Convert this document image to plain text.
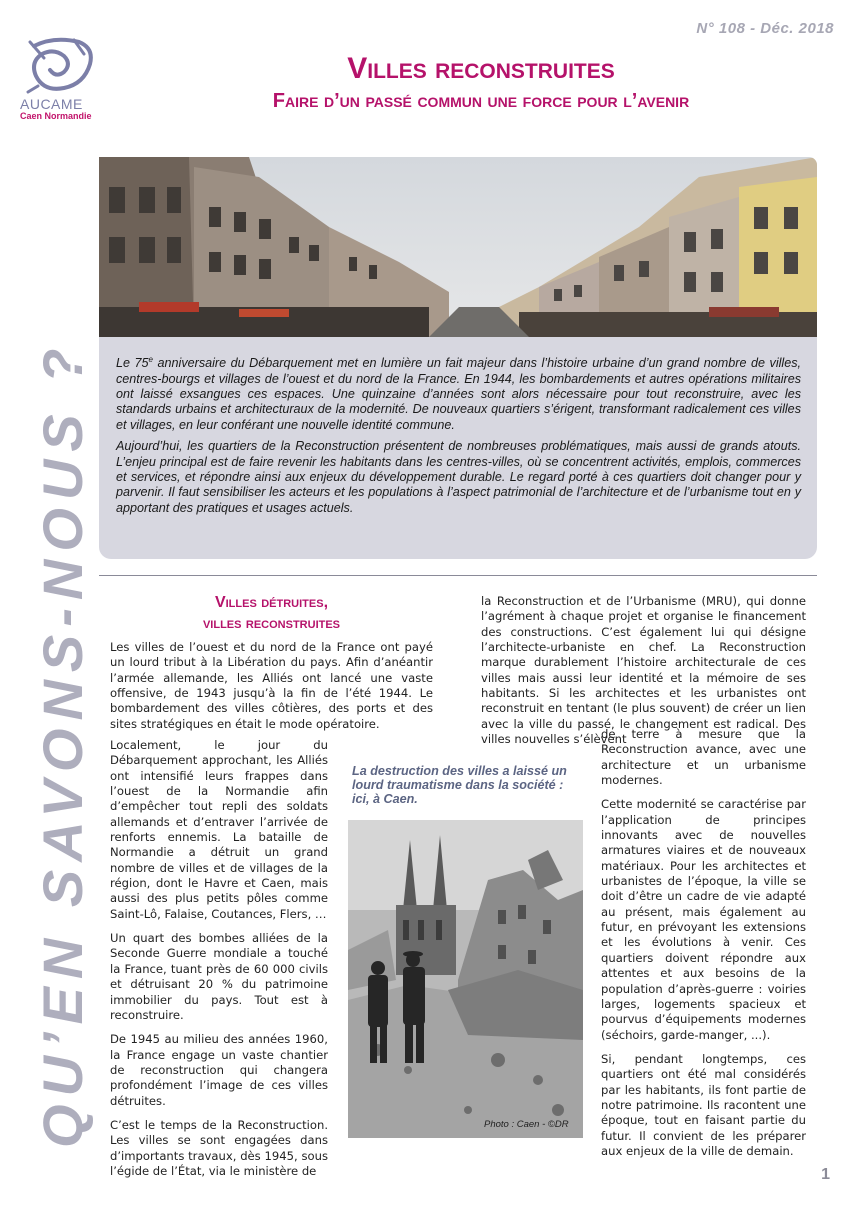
N° 108 - Déc. 2018
AUCAME
Caen Normandie
Villes reconstruites
Faire d’un passé commun une force pour l’avenir
QU’EN SAVONS-NOUS ? Le 75e anniversaire du Débarquement met en lumière un fait majeur dans l’histoire urbaine d’un grand nombre de villes, centres-bourgs et villages de l’ouest et du nord de la France. En 1944, les bombardements et autres opérations militaires ont laissé exsangues ces espaces. Une quinzaine d’années sont alors nécessaire pour tout reconstruire, avec les standards urbains et architecturaux de la modernité. De nouveaux quartiers s’érigent, transformant radicalement ces villes et villages, en leur conférant une nouvelle identité commune.

Aujourd’hui, les quartiers de la Reconstruction présentent de nombreuses problématiques, mais aussi de grands atouts. L’enjeu principal est de faire revenir les habitants dans les centres-villes, où se concentrent activités, emplois, commerces et services, et répondre ainsi aux enjeux du développement durable. Le regard porté à ces quartiers doit changer pour y parvenir. Il faut sensibiliser les acteurs et les populations à l’aspect patrimonial de l’architecture et de l’urbanisme tout en y apportant des pratiques et usages actuels.

Villes détruites,
villes reconstruites

Les villes de l’ouest et du nord de la France ont payé un lourd tribut à la Libération du pays. Afin d’anéantir l’armée allemande, les Alliés ont lancé une vaste offensive, de 1943 jusqu’à la fin de l’été 1944. Le bombardement des villes côtières, des ports et des sites stratégiques en était le mode opératoire.

Localement, le jour du Débarquement approchant, les Alliés ont intensifié leurs frappes dans l’ouest de la Normandie afin d’empêcher tout repli des soldats allemands et d’entraver l’arrivée de renforts ennemis. La bataille de Normandie a détruit un grand nombre de villes et de villages de la région, dont le Havre et Caen, mais aussi des plus petits pôles comme Saint-Lô, Falaise, Coutances, Flers, …

Un quart des bombes alliées de la Seconde Guerre mondiale a touché la France, tuant près de 60 000 civils et détruisant 20 % du patrimoine immobilier du pays. Tout est à reconstruire.

De 1945 au milieu des années 1960, la France engage un vaste chantier de reconstruction qui changera profondément l’image de ces villes détruites.

C’est le temps de la Reconstruction. Les villes se sont engagées dans d’importants travaux, dès 1945, sous l’égide de l’État, via le ministère de

la Reconstruction et de l’Urbanisme (MRU), qui donne l’agrément à chaque projet et organise le financement des constructions. C’est également lui qui désigne l’architecte-urbaniste en chef. La Reconstruction marque durablement l’histoire architecturale de ces villes mais aussi leur identité et la mémoire de ses habitants. Si les architectes et les urbanistes ont reconstruit en tentant (le plus souvent) de créer un lien avec la ville du passé, le changement est radical. Des villes nouvelles s’élèvent

de terre à mesure que la Reconstruction avance, avec une architecture et un urbanisme modernes.

Cette modernité se caractérise par l’application de principes innovants avec de nouvelles armatures viaires et de nouveaux matériaux. Pour les architectes et urbanistes de l’époque, la ville se doit d’être un cadre de vie adapté au présent, mais également au futur, en prévoyant les extensions et les évolutions à venir. Ces quartiers doivent répondre aux attentes et aux besoins de la population d’après-guerre : voiries larges, logements spacieux et pourvus d’équipements modernes (séchoirs, garde-manger, ...).

Si, pendant longtemps, ces quartiers ont été mal considérés par les habitants, ils font partie de notre patrimoine. Ils racontent une époque, tout en faisant partie du futur. Il convient de les préparer aux enjeux de la ville de demain.

La destruction des villes a laissé un lourd traumatisme dans la société : ici, à Caen.
Photo : Caen - ©DR
1
